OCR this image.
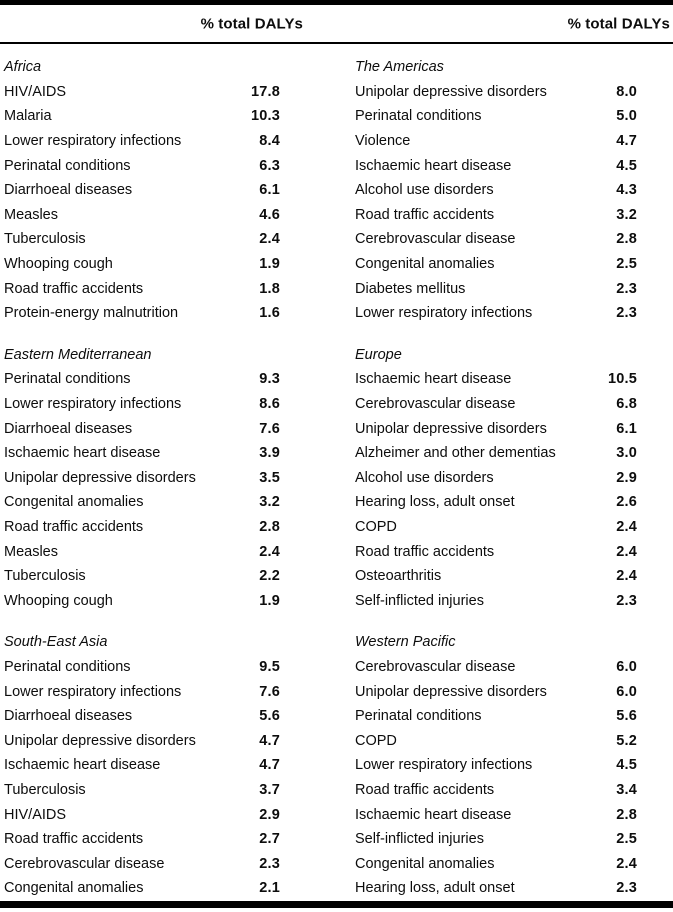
% total DALYs	% total DALYs
Africa
HIV/AIDS	17.8
Malaria	10.3
Lower respiratory infections	8.4
Perinatal conditions	6.3
Diarrhoeal diseases	6.1
Measles	4.6
Tuberculosis	2.4
Whooping cough	1.9
Road traffic accidents	1.8
Protein-energy malnutrition	1.6
Eastern Mediterranean
Perinatal conditions	9.3
Lower respiratory infections	8.6
Diarrhoeal diseases	7.6
Ischaemic heart disease	3.9
Unipolar depressive disorders	3.5
Congenital anomalies	3.2
Road traffic accidents	2.8
Measles	2.4
Tuberculosis	2.2
Whooping cough	1.9
South-East Asia
Perinatal conditions	9.5
Lower respiratory infections	7.6
Diarrhoeal diseases	5.6
Unipolar depressive disorders	4.7
Ischaemic heart disease	4.7
Tuberculosis	3.7
HIV/AIDS	2.9
Road traffic accidents	2.7
Cerebrovascular disease	2.3
Congenital anomalies	2.1
The Americas
Unipolar depressive disorders	8.0
Perinatal conditions	5.0
Violence	4.7
Ischaemic heart disease	4.5
Alcohol use disorders	4.3
Road traffic accidents	3.2
Cerebrovascular disease	2.8
Congenital anomalies	2.5
Diabetes mellitus	2.3
Lower respiratory infections	2.3
Europe
Ischaemic heart disease	10.5
Cerebrovascular disease	6.8
Unipolar depressive disorders	6.1
Alzheimer and other dementias	3.0
Alcohol use disorders	2.9
Hearing loss, adult onset	2.6
COPD	2.4
Road traffic accidents	2.4
Osteoarthritis	2.4
Self-inflicted injuries	2.3
Western Pacific
Cerebrovascular disease	6.0
Unipolar depressive disorders	6.0
Perinatal conditions	5.6
COPD	5.2
Lower respiratory infections	4.5
Road traffic accidents	3.4
Ischaemic heart disease	2.8
Self-inflicted injuries	2.5
Congenital anomalies	2.4
Hearing loss, adult onset	2.3
